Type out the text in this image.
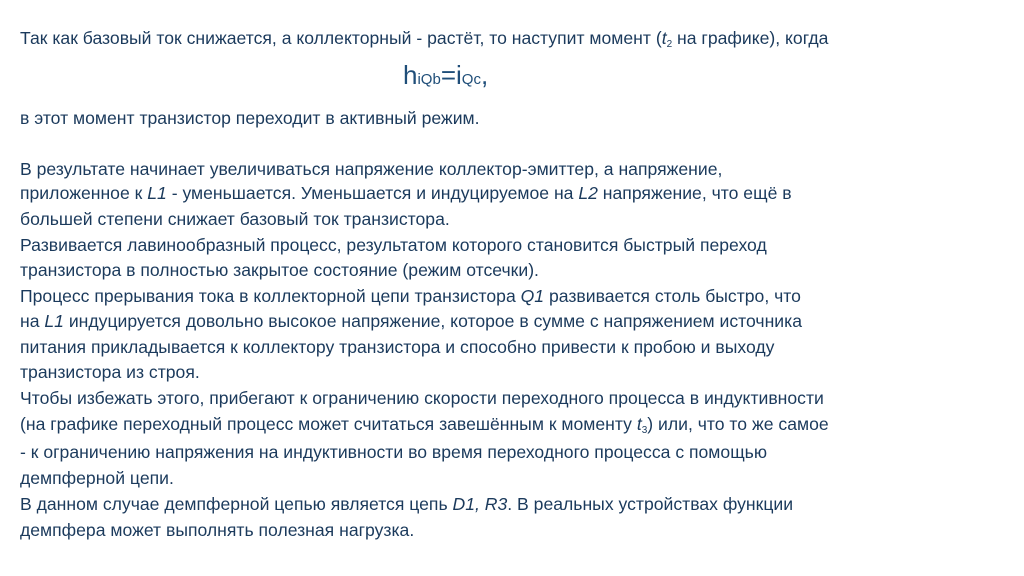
Так как базовый ток снижается, а коллекторный - растёт, то наступит момент ($t_2$ на графике), когда

hiQb=iQc,

в этот момент транзистор переходит в активный режим.

В результате начинает увеличиваться напряжение коллектор-эмиттер, а напряжение,

приложенное к L1 - уменьшается. Уменьшается и индуцируемое на L2 напряжение, что ещё в

большей степени снижает базовый ток транзистора.

Развивается лавинообразный процесс, результатом которого становится быстрый переход

транзистора в полностью закрытое состояние (режим отсечки).

Процесс прерывания тока в коллекторной цепи транзистора Q1 развивается столь быстро, что

на L1 индуцируется довольно высокое напряжение, которое в сумме с напряжением источника

питания прикладывается к коллектору транзистора и способно привести к пробою и выходу

транзистора из строя.

Чтобы избежать этого, прибегают к ограничению скорости переходного процесса в индуктивности

(на графике переходный процесс может считаться завешённым к моменту $t_3$) или, что то же самое

- к ограничению напряжения на индуктивности во время переходного процесса с помощью

демпферной цепи.

В данном случае демпферной цепью является цепь D1, R3. В реальных устройствах функции

демпфера может выполнять полезная нагрузка.
